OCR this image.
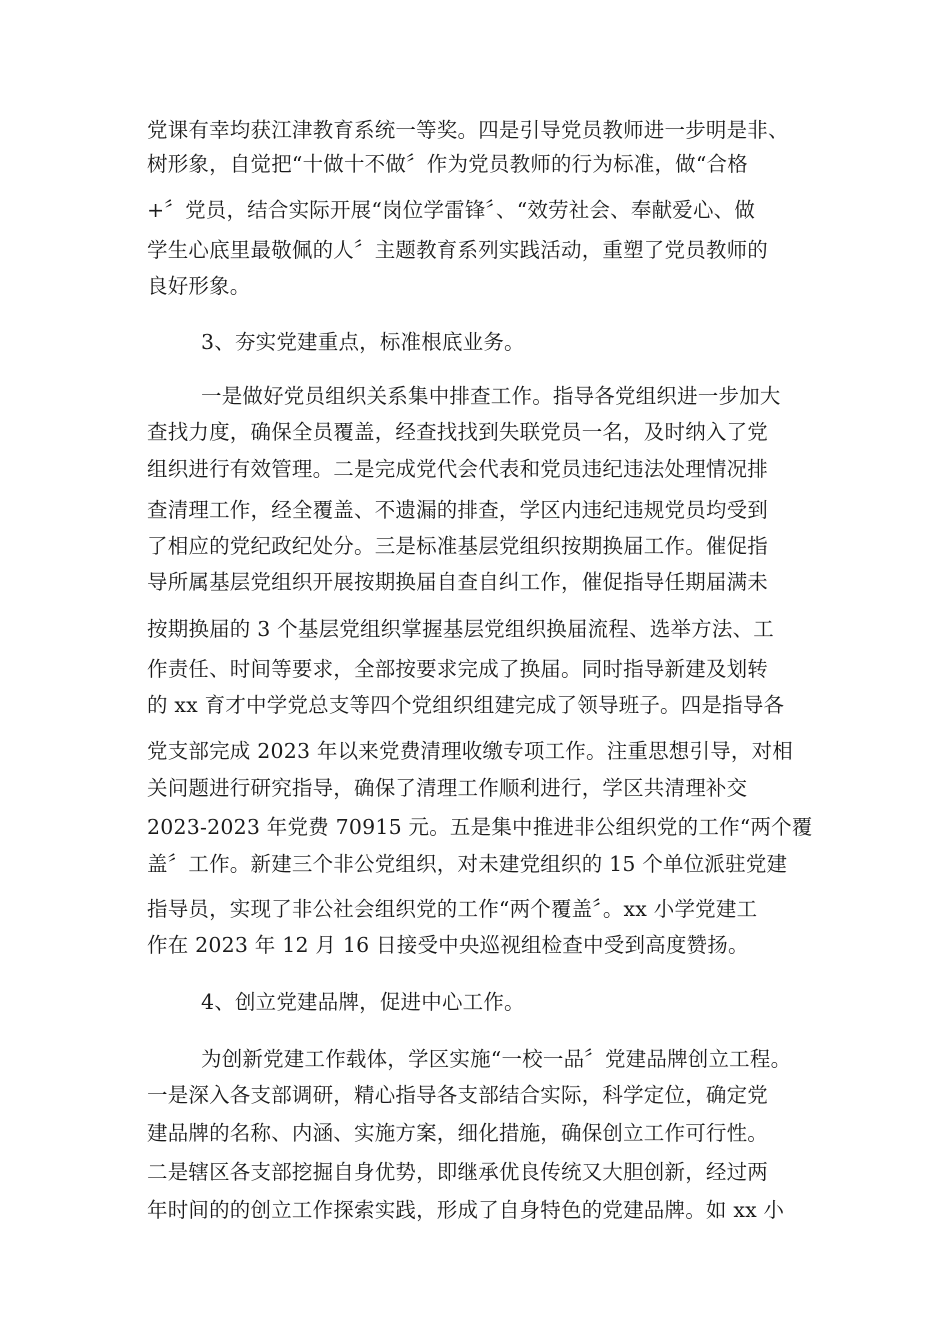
党课有幸均获江津教育系统一等奖。四是引导党员教师进一步明是非、
树形象，自觉把“十做十不做〞作为党员教师的行为标准，做“合格
+〞党员，结合实际开展“岗位学雷锋〞、“效劳社会、奉献爱心、做
学生心底里最敬佩的人〞主题教育系列实践活动，重塑了党员教师的
良好形象。
3、夯实党建重点，标准根底业务。
一是做好党员组织关系集中排查工作。指导各党组织进一步加大
查找力度，确保全员覆盖，经查找找到失联党员一名，及时纳入了党
组织进行有效管理。二是完成党代会代表和党员违纪违法处理情况排
查清理工作，经全覆盖、不遗漏的排查，学区内违纪违规党员均受到
了相应的党纪政纪处分。三是标准基层党组织按期换届工作。催促指
导所属基层党组织开展按期换届自查自纠工作，催促指导任期届满未
按期换届的 3 个基层党组织掌握基层党组织换届流程、选举方法、工
作责任、时间等要求，全部按要求完成了换届。同时指导新建及划转
的 xx 育才中学党总支等四个党组织组建完成了领导班子。四是指导各
党支部完成 2023 年以来党费清理收缴专项工作。注重思想引导，对相
关问题进行研究指导，确保了清理工作顺利进行，学区共清理补交
2023-2023 年党费 70915 元。五是集中推进非公组织党的工作“两个覆
盖〞工作。新建三个非公党组织，对未建党组织的 15 个单位派驻党建
指导员，实现了非公社会组织党的工作“两个覆盖〞。xx 小学党建工
作在 2023 年 12 月 16 日接受中央巡视组检查中受到高度赞扬。
4、创立党建品牌，促进中心工作。
为创新党建工作载体，学区实施“一校一品〞党建品牌创立工程。
一是深入各支部调研，精心指导各支部结合实际，科学定位，确定党
建品牌的名称、内涵、实施方案，细化措施，确保创立工作可行性。
二是辖区各支部挖掘自身优势，即继承优良传统又大胆创新，经过两
年时间的的创立工作探索实践，形成了自身特色的党建品牌。如 xx 小
